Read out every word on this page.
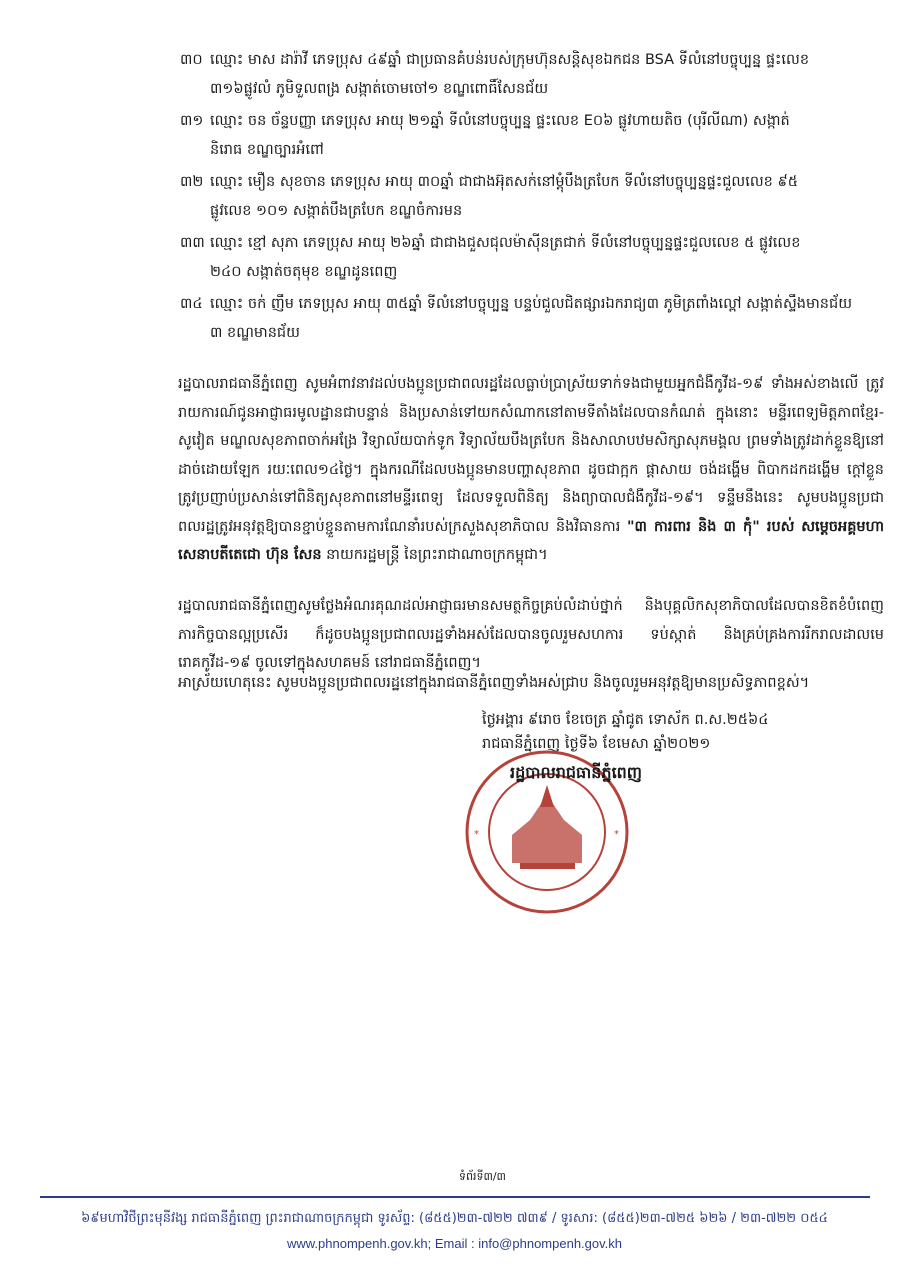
៣០ ឈ្មោះ មាស ដារ៉ាវី ភេទប្រុស ៤៩ឆ្នាំ ជាប្រធានគំបន់របស់ក្រុមហ៊ុនសន្តិសុខឯកជន BSA ទីលំនៅបច្ចុប្បន្ន ផ្ទះលេខ
៣១៦ផ្លូវលំ ភូមិទួលពង្រ សង្កាត់ចោមចៅ១ ខណ្ឌពោធិ៍សែនជ័យ
៣១ ឈ្មោះ ចន ច័ន្ទបញ្ញា ភេទប្រុស អាយុ ២១ឆ្នាំ ទីលំនៅបច្ចុប្បន្ន ផ្ទះលេខ E០៦ ផ្លូវហាយតិច (បុរីលីណា) សង្កាត់
និរោធ ខណ្ឌច្បារអំពៅ
៣២ ឈ្មោះ មឿន សុខចាន ភេទប្រុស អាយុ ៣០ឆ្នាំ ជាជាងអ៊ុតសក់នៅម្តុំបឹងត្របែក ទីលំនៅបច្ចុប្បន្នផ្ទះជួលលេខ ៩៥
ផ្លូវលេខ ១០១ សង្កាត់បឹងត្របែក ខណ្ឌចំការមន
៣៣ ឈ្មោះ ខ្មៅ សុភា ភេទប្រុស អាយុ ២៦ឆ្នាំ ជាជាងជួសជុលម៉ាស៊ីនត្រជាក់ ទីលំនៅបច្ចុប្បន្នផ្ទះជួលលេខ ៥ ផ្លូវលេខ
២៤០ សង្កាត់ចតុមុខ ខណ្ឌដូនពេញ
៣៤ ឈ្មោះ ចក់ ញឹម ភេទប្រុស អាយុ ៣៥ឆ្នាំ ទីលំនៅបច្ចុប្បន្ន បន្ទប់ជួលជិតផ្សារឯករាជ្យ៣ ភូមិត្រពាំងល្ពៅ សង្កាត់ស្ទឹងមានជ័យ
៣ ខណ្ឌមានជ័យ
រដ្ឋបាលរាជធានីភ្នំពេញ សូមអំពាវនាវដល់បងប្អូនប្រជាពលរដ្ឋដែលធ្លាប់ប្រាស្រ័យទាក់ទងជាមួយអ្នកជំងឺកូវីដ-១៩ ទាំងអស់ខាងលើ ត្រូវរាយការណ៍ជូនអាជ្ញាធរមូលដ្ឋានជាបន្ទាន់ និងប្រសាន់ទៅយកសំណាកនៅតាមទីតាំងដែលបានកំណត់ ក្នុងនោះ មន្ទីរពេទ្យមិត្តភាពខ្មែរ-សូវៀត មណ្ឌលសុខភាពចាក់អង្រែ វិទ្យាល័យបាក់ទូក វិទ្យាល័យបឹងត្របែក និងសាលាបឋមសិក្សាសុភមង្គល ព្រមទាំងត្រូវដាក់ខ្លួនឱ្យនៅដាច់ដោយឡែក រយៈពេល១៤ថ្ងៃ។ ក្នុងករណីដែលបងប្អូនមានបញ្ហាសុខភាព ដូចជាក្អក ផ្តាសាយ ចង់ដង្ហើម ពិបាកដកដង្ហើម ក្តៅខ្លួន ត្រូវប្រញាប់ប្រសាន់ទៅពិនិត្យសុខភាពនៅមន្ទីរពេទ្យ ដែលទទួលពិនិត្យ និងព្យាបាលជំងឺកូវីដ-១៩។ ទន្ទឹមនឹងនេះ សូមបងប្អូនប្រជាពលរដ្ឋត្រូវអនុវត្តឱ្យបានខ្ជាប់ខ្ជួនតាមការណែនាំរបស់ក្រសួងសុខាភិបាល និងវិធានការ "៣ ការពារ និង ៣ កុំ" របស់ សម្តេចអគ្គមហាសេនាបតីតេជោ ហ៊ុន សែន នាយករដ្ឋមន្ត្រី នៃព្រះរាជាណាចក្រកម្ពុជា។
រដ្ឋបាលរាជធានីភ្នំពេញសូមថ្លែងអំណរគុណដល់អាជ្ញាធរមានសមត្ថកិច្ចគ្រប់លំដាប់ថ្នាក់ និងបុគ្គលិកសុខាភិបាលដែលបានខិតខំបំពេញភារកិច្ចបានល្អប្រសើរ ក៏ដូចបងប្អូនប្រជាពលរដ្ឋទាំងអស់ដែលបានចូលរួមសហការ ទប់ស្កាត់ និងគ្រប់គ្រងការរីករាលដាលមេរោគកូវីដ-១៩ ចូលទៅក្នុងសហគមន៍ នៅរាជធានីភ្នំពេញ។
អាស្រ័យហេតុនេះ សូមបងប្អូនប្រជាពលរដ្ឋនៅក្នុងរាជធានីភ្នំពេញទាំងអស់ជ្រាប និងចូលរួមអនុវត្តឱ្យមានប្រសិទ្ធភាពខ្ពស់។
ថ្ងៃអង្គារ ៩រោច ខែចេត្រ ឆ្នាំជូត ទោស័ក ព.ស.២៥៦៤
រាជធានីភ្នំពេញ ថ្ងៃទី៦ ខែមេសា ឆ្នាំ២០២១
*	*
រដ្ឋបាលរាជធានីភ្នំពេញ
ទំព័រទី៣/៣
៦៩មហាវិថីព្រះមុនីវង្ស រាជធានីភ្នំពេញ ព្រះរាជាណាចក្រកម្ពុជា ទូរស័ព្ទ: (៨៥៥)២៣-៧២២ ៧៣៩ / ទូរសារ: (៨៥៥)២៣-៧២៥ ៦២៦ / ២៣-៧២២ ០៥៤
www.phnompenh.gov.kh; Email : info@phnompenh.gov.kh
